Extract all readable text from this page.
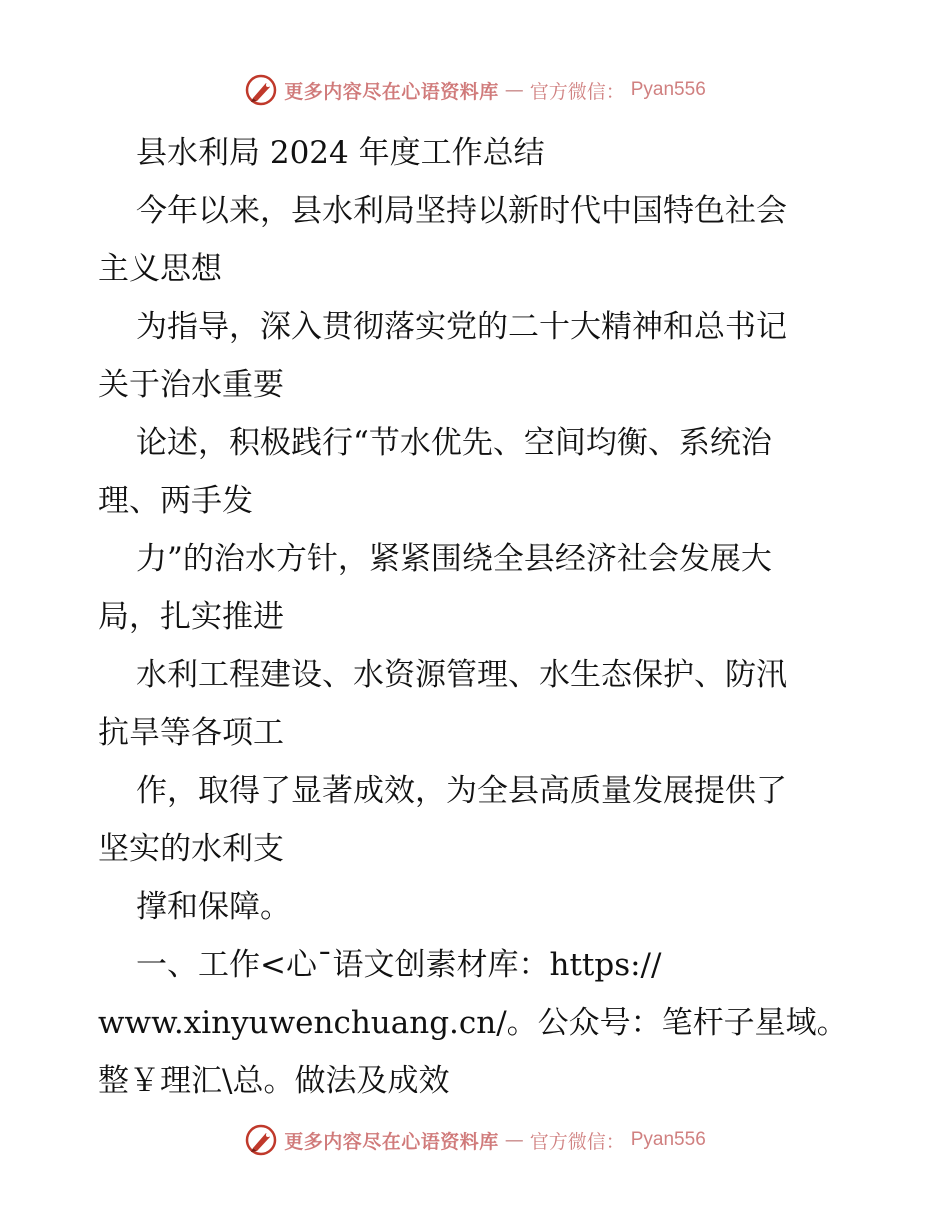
更多内容尽在心语资料库 — 官方微信： Pyan556
县水利局 2024 年度工作总结
今年以来，县水利局坚持以新时代中国特色社会
主义思想
为指导，深入贯彻落实党的二十大精神和总书记
关于治水重要
论述，积极践行“节水优先、空间均衡、系统治
理、两手发
力”的治水方针，紧紧围绕全县经济社会发展大
局，扎实推进
水利工程建设、水资源管理、水生态保护、防汛
抗旱等各项工
作，取得了显著成效，为全县高质量发展提供了
坚实的水利支
撑和保障。
一、工作<心¯语文创素材库：https://
www.xinyuwenchuang.cn/。公众号：笔杆子星域。
整￥理汇\总。做法及成效
更多内容尽在心语资料库 — 官方微信： Pyan556
